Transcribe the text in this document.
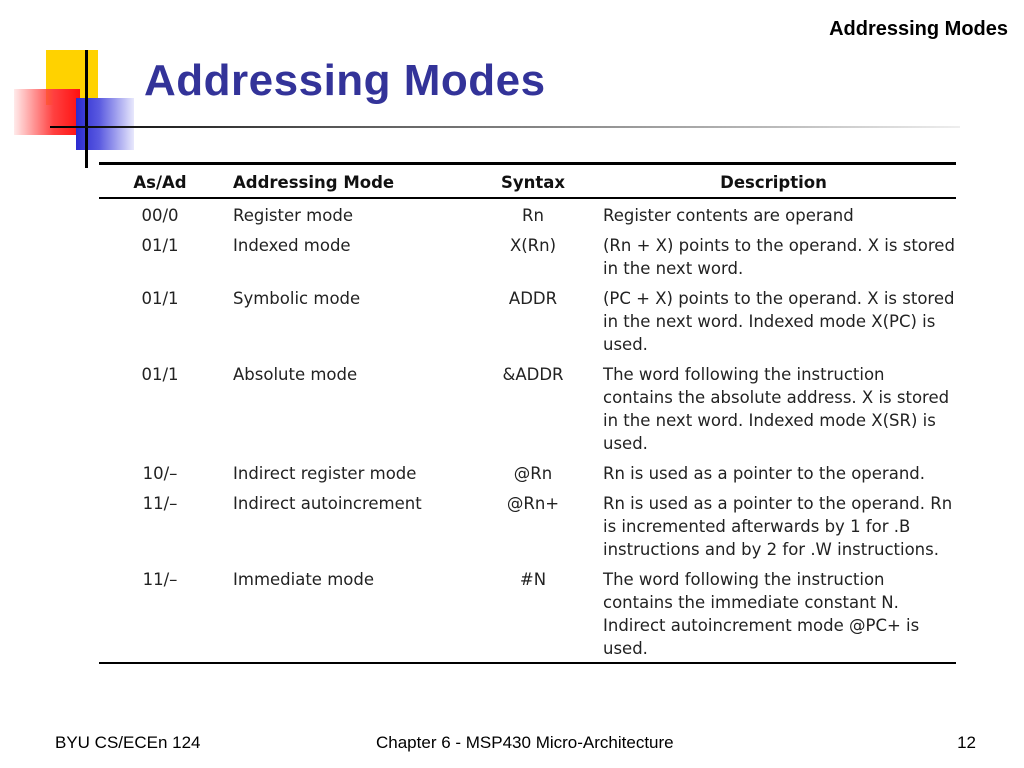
Addressing Modes
Addressing Modes
As/Ad	Addressing Mode	Syntax	Description
00/0	Register mode	Rn	Register contents are operand
01/1	Indexed mode	X(Rn)	(Rn + X) points to the operand. X is stored in the next word.
01/1	Symbolic mode	ADDR	(PC + X) points to the operand. X is stored in the next word. Indexed mode X(PC) is used.
01/1	Absolute mode	&ADDR	The word following the instruction contains the absolute address. X is stored in the next word. Indexed mode X(SR) is used.
10/–	Indirect register mode	@Rn	Rn is used as a pointer to the operand.
11/–	Indirect autoincrement	@Rn+	Rn is used as a pointer to the operand. Rn is incremented afterwards by 1 for .B instructions and by 2 for .W instructions.
11/–	Immediate mode	#N	The word following the instruction contains the immediate constant N. Indirect autoincrement mode @PC+ is used.
BYU CS/ECEn 124	Chapter 6 - MSP430 Micro-Architecture	12
